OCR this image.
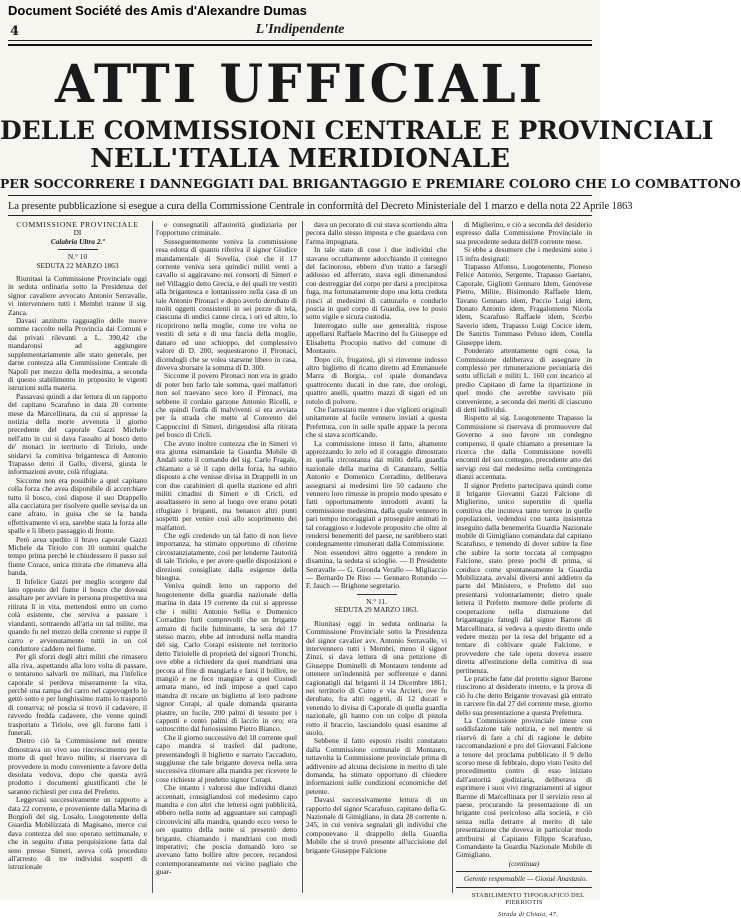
Document Société des Amis d'Alexandre Dumas
4	L'Indipendente
ATTI UFFICIALI
DELLE COMMISSIONI CENTRALE E PROVINCIALI
NELL'ITALIA MERIDIONALE
PER SOCCORRERE I DANNEGGIATI DAL BRIGANTAGGIO E PREMIARE COLORO CHE LO COMBATTONO
La presente pubblicazione si esegue a cura della Commissione Centrale in conformità del Decreto Ministeriale del 1 marzo e della nota 22 Aprile 1863

COMMISSIONE PROVINCIALE

DI

Calabria Ultra 2.ª

N.° 10

SEDUTA 22 MARZO 1863

Riunitasi la Commissione Provinciale oggi in seduta ordinaria sotto la Presidenza del signor cavaliere avvocato Antonio Serravalle, vi intervennero tutti i Membri tranne il sig. Zanca.

Davasi anzitutto ragguaglio delle nuove somme raccolte nella Provincia dai Comuni e dai privati rilevanti a L. 390,42 che mandaronsi ad aggiungere supplementariamente alle stato generale, per darne contezza alla Commissione Centrale di Napoli per mezzo della medesima, a seconda di questo stabilimento in proposito le vigenti istruzioni sulla materia.

Passavasi quindi a dar lettura di un rapporto del capitano Scarafuso in data 20 corrente mese da Marcellinara, da cui si appresse la notizia della morte avvenuta il giorno precedente del caporale Gazzi Michele nell'atto in cui si dava l'assalto al bosco detto de' monaci in territorio di Tiriolo, onde snidarvi la comitiva brigantesca di Antonio Trapasso detto il Gallo, diversi, giusta le informazioni avute, colà rifugiata.

Siccome non era possibile a quel capitano colla forza che avea disponibile di accerchiare tutto il bosco, così dispose il suo Drappello alla cacciatura per risolvere quelle sevisa da un cane afrato, in guisa che se la banda effettivamente vi era, sarebbe stata la forza alle spalle e li libero passaggio di fronte.

Però avea spedito il bravo caporale Gazzi Michele da Tiriolo con 10 uomini qualche tempo prima perchè le chiudessero il passo sul fiume Corace, unica ritirata che rimaneva alla banda.

Il Infelice Gazzi per meglio scorgere dal lato opposto del fiume il bosco che doveasi assaltare per avviare in persona prospettiva sua ritirata lì in vita, mettendosi entro un corno colà esistente, che serviva a passare i viandanti, sottraendo all'aria un tal milite, ma quando fu nel mezzo della corrente si ruppe il carro e avvenutamente tuttii in un col conduttore caddero nel fiume.

Per gli sforzi degli altri militi che rimasero alla riva, aspettando alla loro volta di passare, o tentarono salvarli tre militari, ma l'infelice caporale si perdeva miseramente la vita, perchè una rampa del carro nel capovogerlo lo gettò sotto e per lunghissimo tratto lo trasportò di conserva; nè poscia si trovò il cadavere, il ravvedo fredda cadavere, che venne quindi trasportato a Tiriolo, ove gli furono fatti i funerali.

Dietro ciò la Commissione nel mentre dimostrava un vivo suo rincrescimento per la morte di quel bravo milite, si riservava di provvedere in modo conveniente a favore della desolata vedova, dopo che questa avrà prodotto i documenti giustificanti che le saranno richiesti per cura del Prefetto.

Leggevasi successivamente un rapporto a data 22 corrente, e proveniente dalla Marina di Borgioli del sig. Losalo, Luogotenente della Guardia Mobilizzata di Magisano, merce cui dava contezza del suo operato settimanale, e che in seguito d'una perquisizione fatta dal seno presso Simeri, aveva colà proceduto all'arresto di tre individui sospetti di istruzionale

e consegnatili all'autorità giudiziaria per l'opportuno criminale.

Susseguentemente veniva la commissione resa edotta di quanto riferiva il signor Giudice mandamentale di Sovelia, cioè che il 17 corrente veniva sera quindici militi venti a cavallo si aggiravano nei consorti di Simeri e nel Villaggio detto Grecia, e dei quali tre vestiti alla brigantesca e lontanissero nella casa di un tale Antonio Pironaci e dopo averlo derubato di molti oggetti consistenti in sei pezze di tela, ciascuna di undici canne circa, i ori ed altro, lo ricoprirono nella moglie, come tre volta ne vestiti di seta e di una fascia della moglie, danaro ed uno schioppo, del complessivo valore di D. 200, sequestrarono il Pironaci, dicendogli che se volea starsene libero in casa, doveva sborsare la somma di D. 300.

Siccome il povero Pironaci non era in grado di poter ben farlo tale somma, quei malfattori non sol traevano seco loro il Pironaci, ma sebbene il cordaio garzone Antonio Ricelli, e che quindi l'orda di malviventi si era avviata per la strada che mette al Convento dei Cappuccini di Simeri, dirigendosi alla ritirata pel bosco di Cricli.

Che avuto inoltre contezza che in Simeri vi era giunta esimandaie la Guardia Mobile di Andali sotto il comando del sig. Carlo Fragale, chiamato a sè il capo della forza, ha subito disposto a che venisse divisa in Drappelli in un con due carabinieri di quella stazione ed altri militi cittadini di Simeri e di Cricli, ed assaltassero in seno al luogo ove erano potati rifugiare i briganti, ma benanco altri punti sospetti per venire così allo scoprimento dei malfattori.

Che egli credendo un tal fatto di non lieve importanza, ha stimato opportuno di riferirne circostanziatamente, così per lenderne l'autorità di tale Tiriolo, e per avere quelle disposizioni e direzioni consigliate dalla esigenze della bisogna.

Veniva quindi letto un rapporto del luogotenente della guardia nazionale della marina in data 19 corrente da cui si appresse che i militi Antonio Sellia e Domenico Corradino furti comprevolti che un brigante armato di fucile fulminante, la sera del 17 stesso marzo, ebbe ad introdursi nella mandra del sig. Carlo Corapi esistente nel territorio detto Tiriolelle di proprietà dei signori Tronchi, ove ebbe a richiedere da quei mandriani una pecora al fine di mangiarla e farsi il bollire, ne mangiò e ne fece mangiare a quei Custodi armata mano, ed indi impose a quel capo mandra di recare un biglietto al loro padrone signor Corapi, al quale domanda quaranta piastre, un fucile, 200 palmi di tessuto per i cappotti e cento palmi di laccio in oro; era sottoscritto dal furiosissimo Pietro Bianco.

Che il giorno successivo del 18 corrente quel capo mandra si trasferì dal padrone, presentandogli il biglietto e narrato l'accaduto, suggiunse che tale brigante doveva nella sera successiva ritornare alla mandra per ricevere le cose richieste al predetto signor Corapi.

Che intanto i valorosi due individui dianzi accennati, consigliandosi col medesimo capo mandra e con altri che lettersi ogni pubblicità, ebbero nella notte ad agguantare sui campagli circonvicini alla mandra, quando ecco verso le ore quattro della notte si presentò detto brigante, chiamando i mandriani con modi imperativi; che poscia domandò loro se avevano fatto bollire altre pecore, recandosi contemporaneamente nei vicino pagliaio che guar-

dava un pecorato di cui stava scortiendo altra pecora dallo stesso imposta e che guardava con l'arma impugnata.

In tale stato di cose i due individui che stavano occultamente adocchiando il contegno del facinoroso, ebbero d'un tratto a farsegli addosso ed afferrato, stava egli dimenandosi con destreggiar del corpo per darsi a precipitosa fuga, ma fortunatamente dopo una lotta creduta riusci al medesimi di catturarlo e condurlo poscia in quel corpo di Guardia, ove lo posto sotto vigile e sicura custodia.

Interrogato sulle sue generalità, rispose appellarsi Raffaele Macrino del fu Giuseppe ed Elisabetta Procopio nativo del comune di Montauro.

Dopo ciò, frugatosi, gli si rinvenne indosso altro biglietto di ricatto diretto ad Emmanuele Marra di Borgia, col quale domandava quattrocento ducati in due rate, due orologi, quattro anelli, quattro mazzi di sigari ed un rotolo di polvere.

Che l'arrestato mentre i due vigliotti originali unitamente al fucile vennero inviati a questa Prefettura, con in sulle spalle appare la pecora che si stava scorticando.

La commissione inteso il fatto, altamente apprezzando lo zelo ed il coraggio dimostrato in quella circostanza dai militi della guardia nazionale della marina di Catanzaro, Sellia Antonio e Domenico Corradino, deliberava assegnarsi ai medesimi lire 50 cadauno che vennero loro rimesse in proprio modo spesato e fatti opportunamente introdotti avanti la commissione medesima, dalla quale vennero in pari tempo incoraggiati a proseguire animati in tal coraggioso e lodevole proposito che oltre al rendersi benemeriti del paese, ne sarebbero stati condegnamente rimunerati dalla Commissione.

Non essendovi altro oggetto a rendere in disamina, la seduta si scioglie. — Il Presidente Serravalle — G. Gironda Verallo — Migliaccio — Bernardo De Riso — Gennaro Rotundo — F. Jauch — Brighone segretario.

N.° 11.

SEDUTA 29 MARZO 1863.

Riunitasi oggi in seduta ordinaria la Commissione Provinciale sotto la Presidenza del signor cavalier avv. Antonio Serravalle, vi intervennero tutti i Membri, meno il signor Zinzi, si dava lettura di una petizione di Giuseppe Dominelli di Montauro tendente ad ottenere un'indennità per sofferenze e danni cagionatigli dai briganti il 14 Dicembre 1861, nei territorio di Cutro e via Arcieri, ove fu derubato, fra altri oggetti, di 12 ducati e venendo lo divisa di Caporale di quella guardia nazionale, gli hanno con un colpo di pistola rotto il braccio, lasciandolo quasi esanime al suolo.

Sebbene il fatto esposto risulti constatato dalla Commissione comunale di Montauro, tuttavolta la Commissione provinciale prima di addivenire ad alcuna decisione in merito di tale domanda, ha stimato opportuno di chiedere informazioni sulle condizioni economiche del petente.

Davasi successivamente lettura di un rapporto del signor Scarafuso, capitano della G. Nazionale di Gimigliano, in data 28 corrente n. 245, in cui veniva segnalati gli individui che componevano il drappello della Guardia Mobile che si trovò presente all'uccisione del brigante Giuseppe Falcione

di Miglierino, e ciò a seconda del desiderio espresso dalla Commissione Provinciale in sua precedente seduta dell'8 corrente mese.

Si ebbe a desumere che i medesimi sono i 15 infra designati:

Trapasso Alfonso, Luogotenente, Pioneso Felice Antonio, Sergente, Trapasso Gaetano, Caporale, Gigliotti Gennaro Idem, Genovese Pietro, Milite, Bisimondo Raffaele Idem, Tavano Gennaro idem, Puccio Luigi idem, Donato Antonio idem, Fragalomeno Nicola idem, Scarafuso Raffaele idem, Scerbo Saverio idem, Trapasso Luigi Cocice idem, De Sanctis Tommaso Peluso idem, Cotella Giuseppe idem.

Ponderato attentamente ogni cosa, la Commissione deliberava di assegnare in complesso per rimunerazione pecuniaria dei sotto ufficiali e militi L. 160 con incarico al predio Capitano di farne la ripartizione in quel modo che avrebbe ravvisato più conveniente, a seconda dei meriti di ciascuno di detti individui.

Rispetto al sig. Luogotenente Trapasso la Commissione si riservava di promuovere dal Governo a suo favore un condegno compenso, il quale chiamato a presentare la ricerca che dalla Commissione novelli encomii del suo contegno, precedente atto dei servigi resi dal medesimo nella contingenza dianzi accennata.

Il signor Prefetto partecipava quindi come il brigante Giovanni Gazzi Falcione di Miglierino, unico superstite di quella comitiva che incuteva tanto terrore in quelle popolazioni, vedendosi con tanta insistenza inseguito dalla benemerita Guardia Nazionale mobile di Gimigliano comandata dal capitano Scarafuso, e temendo di dover subire la fine che subire la sorte toccata al compagno Falcione, stato preso pochi dì prima, si conduce come spontaneamente la Guardia Mobilizzata, avvalsi diversi anni addietro da parte del Ministero, e Prefetto del suo presentarsi volontariamente; dietro quale lettera il Prefetto memore delle proferte di cooperazione nella distruzione del brigantaggio fattegli dal signor Barone di Marcellinara, si vedeva a questo diretto onde vedere mezzo per la resa del brigante ed a tentare di coltivare quale Falcione, e provvedere che tale opera doveva essere diretta all'estinzione della comitiva di sua pertinenza.

Le pratiche fatte dal protetto signor Barone riuscirono al desiderato intento, e la prova di ciò fu che detto Brigante trovavasi già entrato in carcere fin dal 27 del corrente mese, giorno dello sua presentazione a questa Prefettura.

La Commissione provinciale intese con soddisfazione tale notizia, e nel mentre si riservò di fare a chi di ragione le debite raccomandazioni e pro del Giovanni Falcione a tenore del proclama pubblicato il 9 dello scorso mese di febbraio, dopo visto l'esito del procedimento contro di esso iniziato dall'autorità giudiziaria, deliberava di esprimere i suoi vivi ringraziamenti al signor Barone di Marcellinara per il servizio reso al paese, procurando la presentazione di un brigante così pericoloso alla società, e ciò senza nulla detrarre al merito di tale presentazione che doveva in particolar modo attribuirsi al Capitano Filippo Scarafuso, Comandante la Guardia Nazionale Mobile di Gimigliano.

(continua)

Gerente responsabile — Giosuè Anastasio.

STABILIMENTO TIPOGRAFICO DEL PIERRIOTIS

Strada di Chiaia, 47.
